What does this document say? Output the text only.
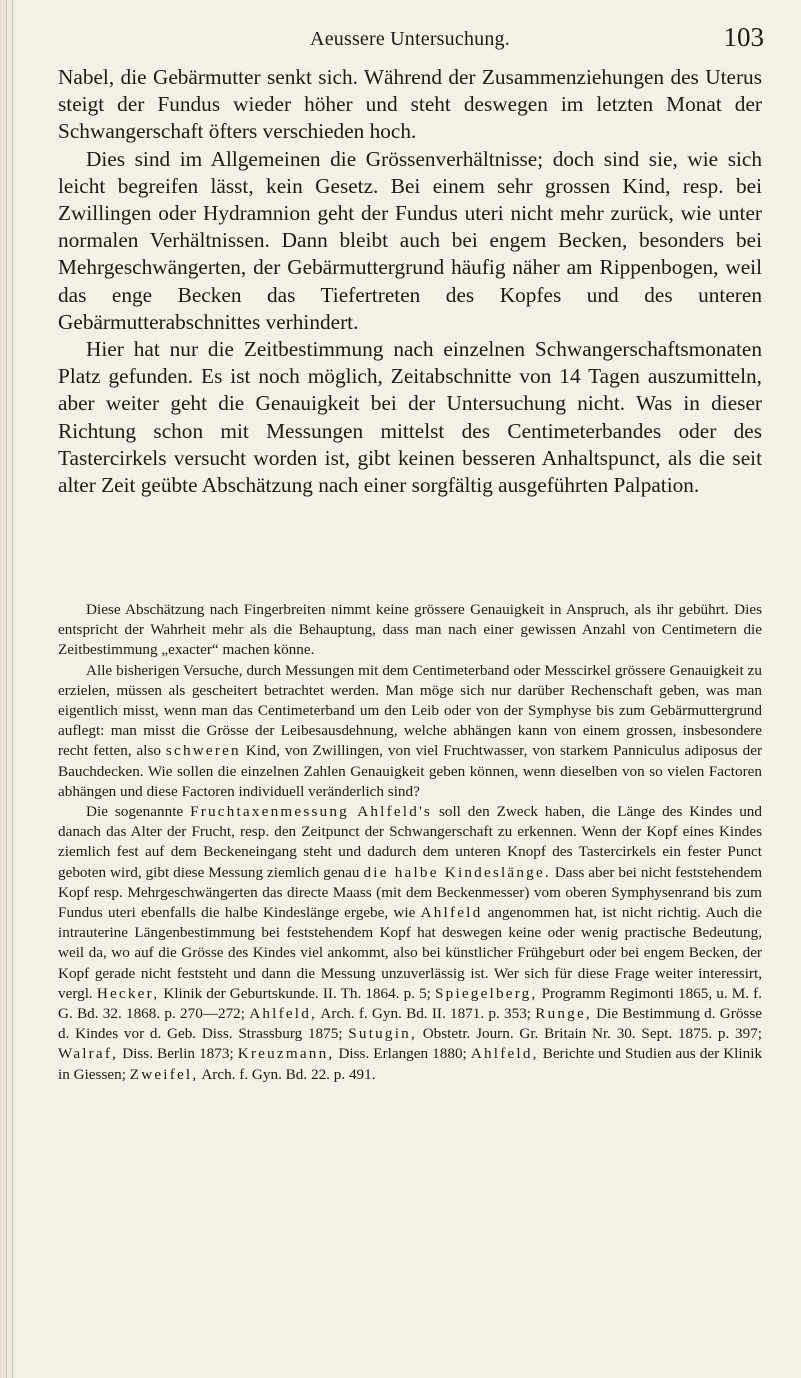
Aeussere Untersuchung.	103

Nabel, die Gebärmutter senkt sich. Während der Zusammenziehungen des Uterus steigt der Fundus wieder höher und steht deswegen im letzten Monat der Schwangerschaft öfters verschieden hoch.

Dies sind im Allgemeinen die Grössenverhältnisse; doch sind sie, wie sich leicht begreifen lässt, kein Gesetz. Bei einem sehr grossen Kind, resp. bei Zwillingen oder Hydramnion geht der Fundus uteri nicht mehr zurück, wie unter normalen Verhältnissen. Dann bleibt auch bei engem Becken, besonders bei Mehrgeschwängerten, der Gebärmuttergrund häufig näher am Rippenbogen, weil das enge Becken das Tiefertreten des Kopfes und des unteren Gebärmutterabschnittes verhindert.

Hier hat nur die Zeitbestimmung nach einzelnen Schwangerschaftsmonaten Platz gefunden. Es ist noch möglich, Zeitabschnitte von 14 Tagen auszumitteln, aber weiter geht die Genauigkeit bei der Untersuchung nicht. Was in dieser Richtung schon mit Messungen mittelst des Centimeterbandes oder des Tastercirkels versucht worden ist, gibt keinen besseren Anhaltspunct, als die seit alter Zeit geübte Abschätzung nach einer sorgfältig ausgeführten Palpation.

Diese Abschätzung nach Fingerbreiten nimmt keine grössere Genauigkeit in Anspruch, als ihr gebührt. Dies entspricht der Wahrheit mehr als die Behauptung, dass man nach einer gewissen Anzahl von Centimetern die Zeitbestimmung „exacter“ machen könne.

Alle bisherigen Versuche, durch Messungen mit dem Centimeterband oder Messcirkel grössere Genauigkeit zu erzielen, müssen als gescheitert betrachtet werden. Man möge sich nur darüber Rechenschaft geben, was man eigentlich misst, wenn man das Centimeterband um den Leib oder von der Symphyse bis zum Gebärmuttergrund auflegt: man misst die Grösse der Leibesausdehnung, welche abhängen kann von einem grossen, insbesondere recht fetten, also schweren Kind, von Zwillingen, von viel Fruchtwasser, von starkem Panniculus adiposus der Bauchdecken. Wie sollen die einzelnen Zahlen Genauigkeit geben können, wenn dieselben von so vielen Factoren abhängen und diese Factoren individuell veränderlich sind?

Die sogenannte Fruchtaxenmessung Ahlfeld's soll den Zweck haben, die Länge des Kindes und danach das Alter der Frucht, resp. den Zeitpunct der Schwangerschaft zu erkennen. Wenn der Kopf eines Kindes ziemlich fest auf dem Beckeneingang steht und dadurch dem unteren Knopf des Tastercirkels ein fester Punct geboten wird, gibt diese Messung ziemlich genau die halbe Kindeslänge. Dass aber bei nicht feststehendem Kopf resp. Mehrgeschwängerten das directe Maass (mit dem Beckenmesser) vom oberen Symphysenrand bis zum Fundus uteri ebenfalls die halbe Kindeslänge ergebe, wie Ahlfeld angenommen hat, ist nicht richtig. Auch die intrauterine Längenbestimmung bei feststehendem Kopf hat deswegen keine oder wenig practische Bedeutung, weil da, wo auf die Grösse des Kindes viel ankommt, also bei künstlicher Frühgeburt oder bei engem Becken, der Kopf gerade nicht feststeht und dann die Messung unzuverlässig ist. Wer sich für diese Frage weiter interessirt, vergl. Hecker, Klinik der Geburtskunde. II. Th. 1864. p. 5; Spiegelberg, Programm Regimonti 1865, u. M. f. G. Bd. 32. 1868. p. 270—272; Ahlfeld, Arch. f. Gyn. Bd. II. 1871. p. 353; Runge, Die Bestimmung d. Grösse d. Kindes vor d. Geb. Diss. Strassburg 1875; Sutugin, Obstetr. Journ. Gr. Britain Nr. 30. Sept. 1875. p. 397; Walraf, Diss. Berlin 1873; Kreuzmann, Diss. Erlangen 1880; Ahlfeld, Berichte und Studien aus der Klinik in Giessen; Zweifel, Arch. f. Gyn. Bd. 22. p. 491.
